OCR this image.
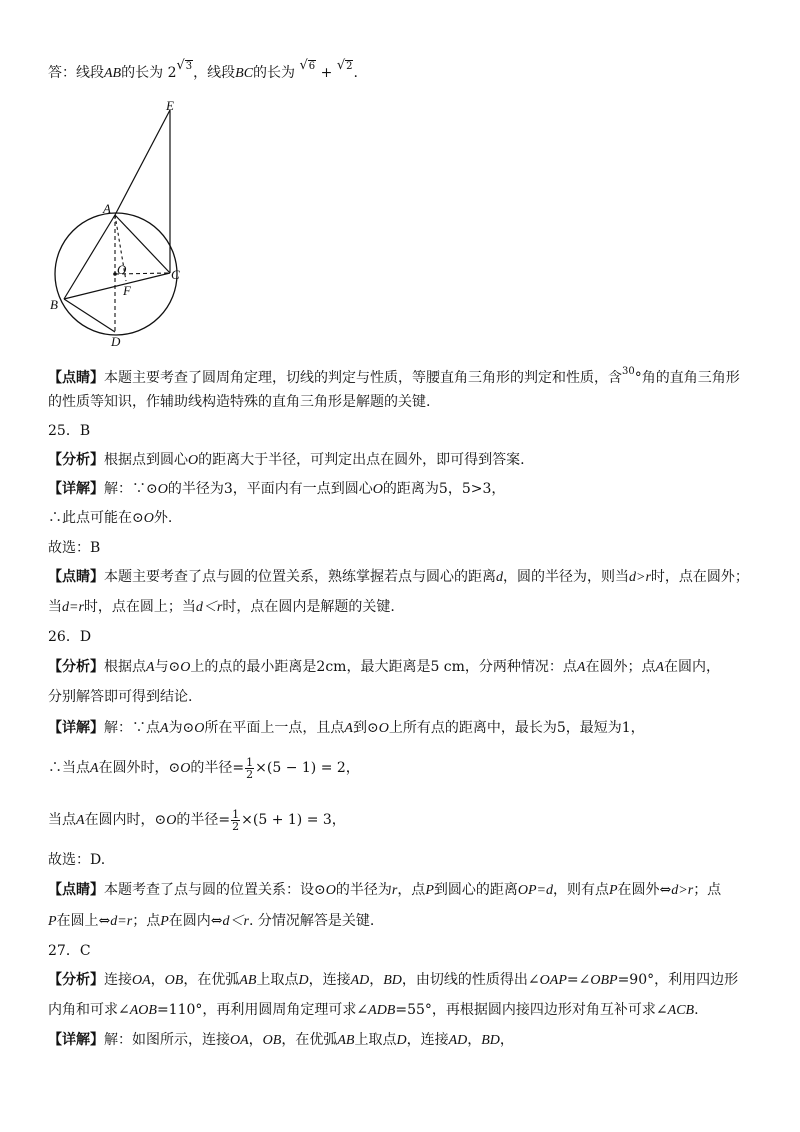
答：线段AB的长为 $2^{√3}$，线段BC的长为 $^{√6}$ + $^{√2}$.
E
A
O	C
F
B
D
【点睛】本题主要考查了圆周角定理，切线的判定与性质，等腰直角三角形的判定和性质，含$^{30}$°角的直角三角形
的性质等知识，作辅助线构造特殊的直角三角形是解题的关键.
25．B
【分析】根据点到圆心O的距离大于半径，可判定出点在圆外，即可得到答案.
【详解】解：∵⊙O的半径为3，平面内有一点到圆心O的距离为5，5>3，
∴此点可能在⊙O外.
故选：B
【点睛】本题主要考查了点与圆的位置关系，熟练掌握若点与圆心的距离d，圆的半径为，则当d>r时，点在圆外；
当d=r时，点在圆上；当d＜r时，点在圆内是解题的关键.
26．D
【分析】根据点A与⊙O上的点的最小距离是2cm，最大距离是5 cm，分两种情况：点A在圆外；点A在圆内，
分别解答即可得到结论.
【详解】解：∵点A为⊙O所在平面上一点，且点A到⊙O上所有点的距离中，最长为5，最短为1，
∴当点A在圆外时，⊙O的半径= $\frac{1}{2} \times(5 - 1) = 2$，
当点A在圆内时，⊙O的半径= $\frac{1}{2} \times(5 + 1) = 3$，
故选：D.
【点睛】本题考查了点与圆的位置关系：设⊙O的半径为r，点P到圆心的距离OP=d，则有点P在圆外⇔d>r；点
P在圆上⇔d=r；点P在圆内⇔d＜r. 分情况解答是关键.
27．C
【分析】连接OA，OB，在优弧AB上取点D，连接AD，BD，由切线的性质得出∠OAP=∠OBP=90°，利用四边形
内角和可求∠AOB=110°，再利用圆周角定理可求∠ADB=55°，再根据圆内接四边形对角互补可求∠ACB.
【详解】解：如图所示，连接OA，OB，在优弧AB上取点D，连接AD，BD，
